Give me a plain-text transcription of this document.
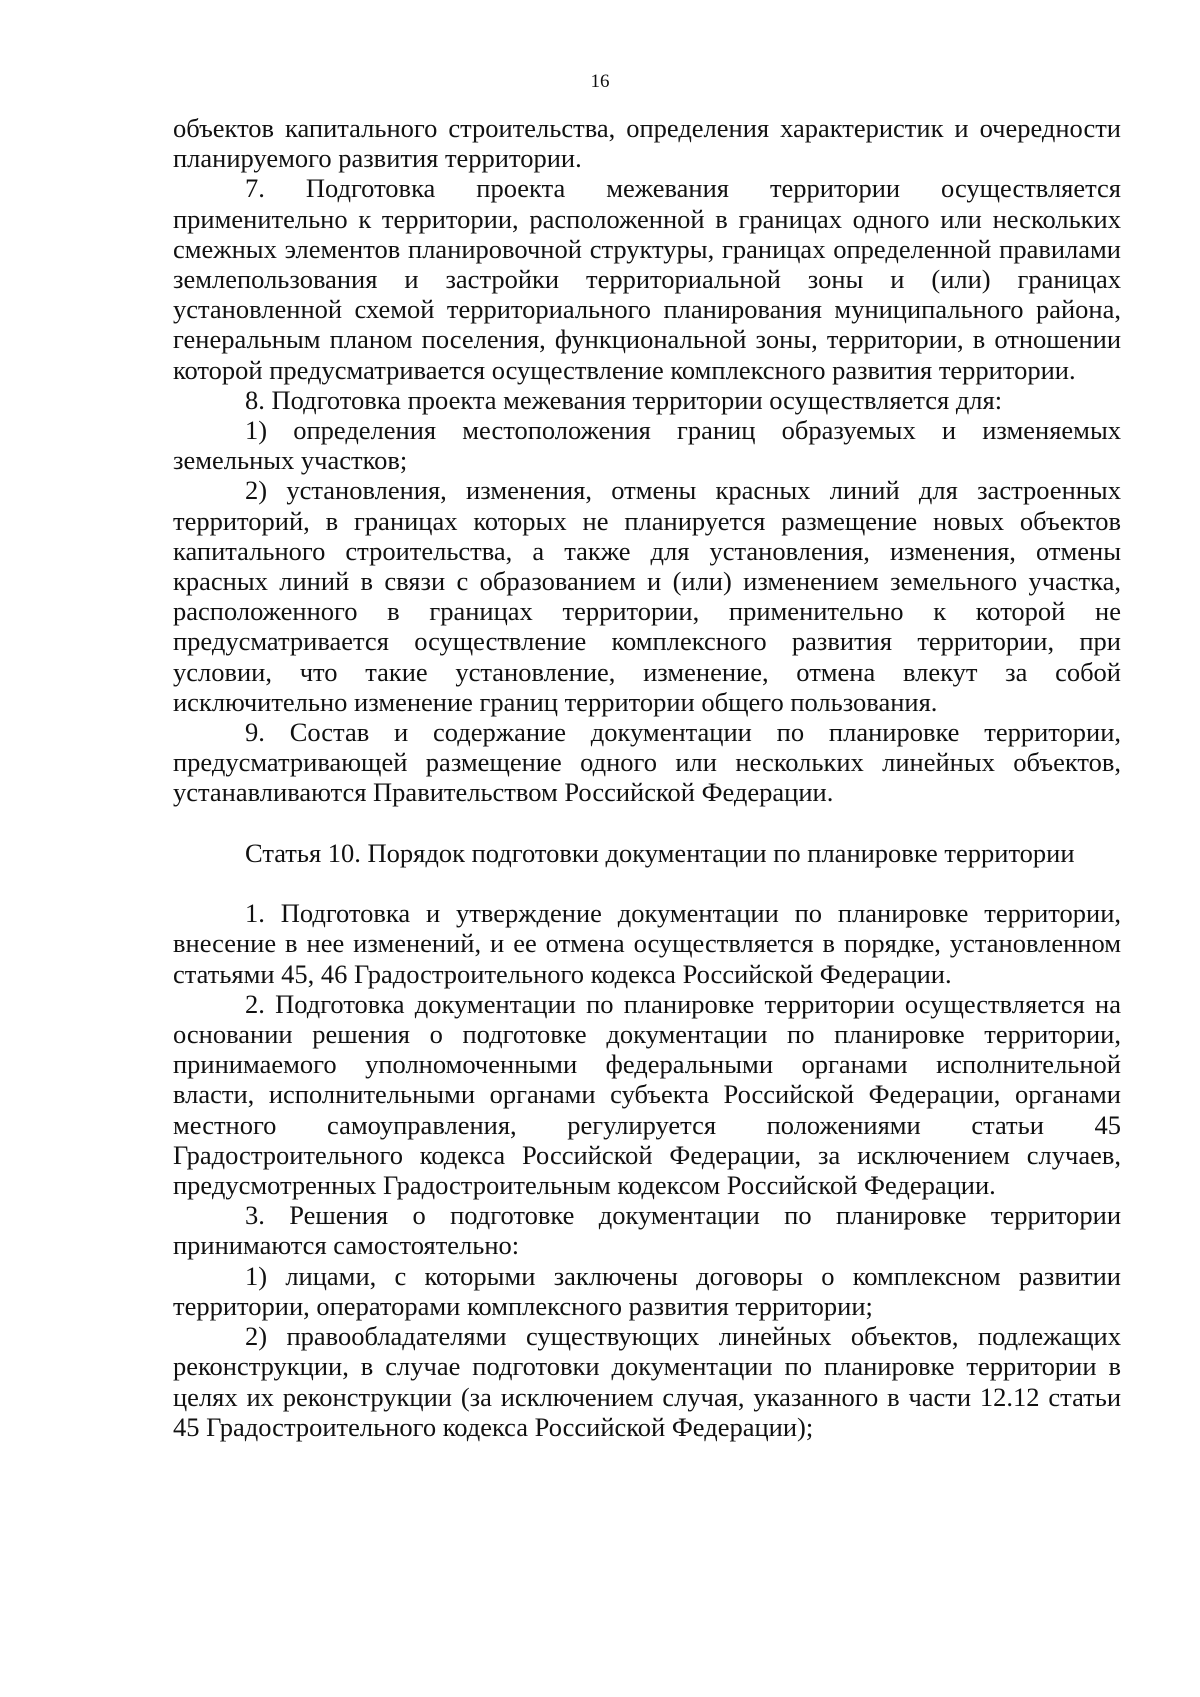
16

объектов капитального строительства, определения характеристик и очередности планируемого развития территории.

7. Подготовка проекта межевания территории осуществляется применительно к территории, расположенной в границах одного или нескольких смежных элементов планировочной структуры, границах определенной правилами землепользования и застройки территориальной зоны и (или) границах установленной схемой территориального планирования муниципального района, генеральным планом поселения, функциональной зоны, территории, в отношении которой предусматривается осуществление комплексного развития территории.

8. Подготовка проекта межевания территории осуществляется для:

1) определения местоположения границ образуемых и изменяемых земельных участков;

2) установления, изменения, отмены красных линий для застроенных территорий, в границах которых не планируется размещение новых объектов капитального строительства, а также для установления, изменения, отмены красных линий в связи с образованием и (или) изменением земельного участка, расположенного в границах территории, применительно к которой не предусматривается осуществление комплексного развития территории, при условии, что такие установление, изменение, отмена влекут за собой исключительно изменение границ территории общего пользования.

9. Состав и содержание документации по планировке территории, предусматривающей размещение одного или нескольких линейных объектов, устанавливаются Правительством Российской Федерации.

Статья 10. Порядок подготовки документации по планировке территории

1. Подготовка и утверждение документации по планировке территории, внесение в нее изменений, и ее отмена осуществляется в порядке, установленном статьями 45, 46 Градостроительного кодекса Российской Федерации.

2. Подготовка документации по планировке территории осуществляется на основании решения о подготовке документации по планировке территории, принимаемого уполномоченными федеральными органами исполнительной власти, исполнительными органами субъекта Российской Федерации, органами местного самоуправления, регулируется положениями статьи 45 Градостроительного кодекса Российской Федерации, за исключением случаев, предусмотренных Градостроительным кодексом Российской Федерации.

3. Решения о подготовке документации по планировке территории принимаются самостоятельно:

1) лицами, с которыми заключены договоры о комплексном развитии территории, операторами комплексного развития территории;

2) правообладателями существующих линейных объектов, подлежащих реконструкции, в случае подготовки документации по планировке территории в целях их реконструкции (за исключением случая, указанного в части 12.12 статьи 45 Градостроительного кодекса Российской Федерации);
